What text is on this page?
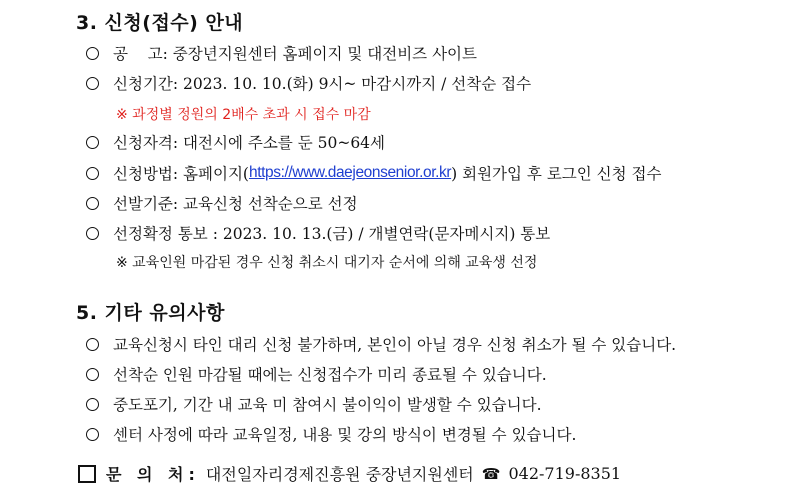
3. 신청(접수) 안내
공    고: 중장년지원센터 홈페이지 및 대전비즈 사이트
신청기간: 2023. 10. 10.(화) 9시~ 마감시까지 / 선착순 접수
※ 과정별 정원의 2배수 초과 시 접수 마감
신청자격: 대전시에 주소를 둔 50~64세
신청방법: 홈페이지( https://www.daejeonsenior.or.kr ) 회원가입 후 로그인 신청 접수
선발기준: 교육신청 선착순으로 선정
선정확정 통보 : 2023. 10. 13.(금) / 개별연락(문자메시지) 통보
※ 교육인원 마감된 경우 신청 취소시 대기자 순서에 의해 교육생 선정
5. 기타 유의사항
교육신청시 타인 대리 신청 불가하며, 본인이 아닐 경우 신청 취소가 될 수 있습니다.
선착순 인원 마감될 때에는 신청접수가 미리 종료될 수 있습니다.
중도포기, 기간 내 교육 미 참여시 불이익이 발생할 수 있습니다.
센터 사정에 따라 교육일정, 내용 및 강의 방식이 변경될 수 있습니다.
문 의 처: 대전일자리경제진흥원 중장년지원센터 ☎ 042-719-8351
